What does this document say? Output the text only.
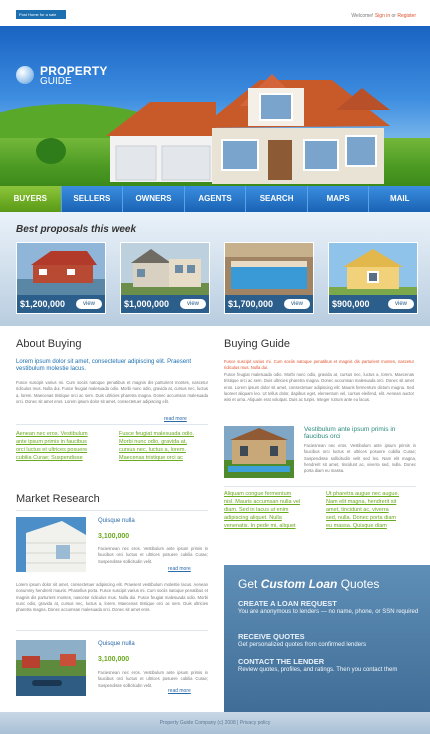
Post Home for a sale	Welcome! Sign in or Register
PROPERTY
GUIDE
BUYERS	SELLERS	OWNERS	AGENTS	SEARCH	MAPS	MAIL
Best proposals this week
$1,200,000	view	$1,000,000	view	$1,700,000	view	$900,000	view
About Buying
Lorem ipsum dolor sit amet, consectetuer adipiscing elit. Praesent vestibulum molestie lacus.
Fusce suscipit varius mi. Cum sociis natoque penatibus et magnis dis parturient montes, nascetur ridiculus mus. Nulla dui. Fusce feugiat malesuada odio. Morbi nunc odio, gravida at, cursus nec, luctus a, lorem. Maecenas tristique orci ac sem. Duis ultricies pharetra magna. Donec accumsan malesuada orci. Donec sit amet eros. Lorem ipsum dolor sit amet, consectetuer adipiscing elit.
read more
Aenean nec eros. Vestibulum
ante ipsum primis in faucibus
orci luctus et ultrices posuere
cubilia Curae; Suspendisse
Fusce feugiat malesuada odio.
Morbi nunc odio, gravida at,
cursus nec, luctus a, lorem.
Maecenas tristique orci ac
Market Research
Quisque nulla
3,100,000
Faciesnean nec eros. Vestibulum ante ipsum primis in faucibus orci luctus et ultrices posuere cubilia Curae; Suspendisse sollicitudin velit.
read more
Lorem ipsum dolor sit amet, consectetuer adipiscing elit. Praesent vestibulum molestie lacus. Aenean nonummy hendrerit mauris. Phasellus porta. Fusce suscipit varius mi. Cum sociis natoque penatibus et magnis dis parturient montes, nascetur ridiculus mus. Nulla dui. Fusce feugiat malesuada odio. Morbi nunc odio, gravida at, cursus nec, luctus a, lorem. Maecenas tristique orci ac sem. Duis ultricies pharetra magna. Donec accumsan malesuada orci. Donec sit amet eros.
Quisque nulla
3,100,000
Faciesnean nec eros. Vestibulum ante ipsum primis in faucibus orci luctus et ultrices posuere cubilia Curae; Suspendisse sollicitudin velit.
read more
Buying Guide
Fusce suscipit varius mi. Cum sociis natoque penatibus et magnis dis parturient montes, nascetur ridiculus mus. Nulla dui.
Fusce feugiat malesuada odio. Morbi nunc odio, gravida at, cursus nec, luctus a, lorem. Maecenas tristique orci ac sem. Duis ultricies pharetra magna. Donec accumsan malesuada orci. Donec sit amet eros. Lorem ipsum dolor sit amet, consectetuer adipiscing elit. Mauris fermentum dictum magna. Sed laoreet aliquam leo. Ut tellus dolor, dapibus eget, elementum vel, cursus eleifend, elit. Aenean auctor wisi et urna. Aliquam erat volutpat. Duis ac turpis. Integer rutrum ante eu lacus.
Vestibulum ante ipsum primis in faucibus orci
Faciesnean nec eros. Vestibulum ante ipsum primis in faucibus orci luctus et ultrices posuere cubilia Curae; Suspendisse sollicitudin velit sed leo. Nam elit magna, hendrerit sit amet, tincidunt ac, viverra sed, nulla. Donec porta diam eu massa.
Aliquam congue fermentum
nisl. Mauris accumsan nulla vel
diam. Sed in lacus ut enim
adipiscing aliquet. Nulla
venenatis. In pede mi, aliquet
Ut pharetra augue nec augue.
Nam elit magna, hendrerit sit
amet, tincidunt ac, viverra
sed, nulla. Donec porta diam
eu massa. Quisque diam
Get Custom Loan Quotes
CREATE A LOAN REQUEST
You are anonymous to lenders — no name, phone, or SSN required
RECEIVE QUOTES
Get personalized quotes from confirmed lenders
CONTACT THE LENDER
Review quotes, profiles, and ratings. Then you contact them
Property Guide Company (c) 2008 | Privacy policy
